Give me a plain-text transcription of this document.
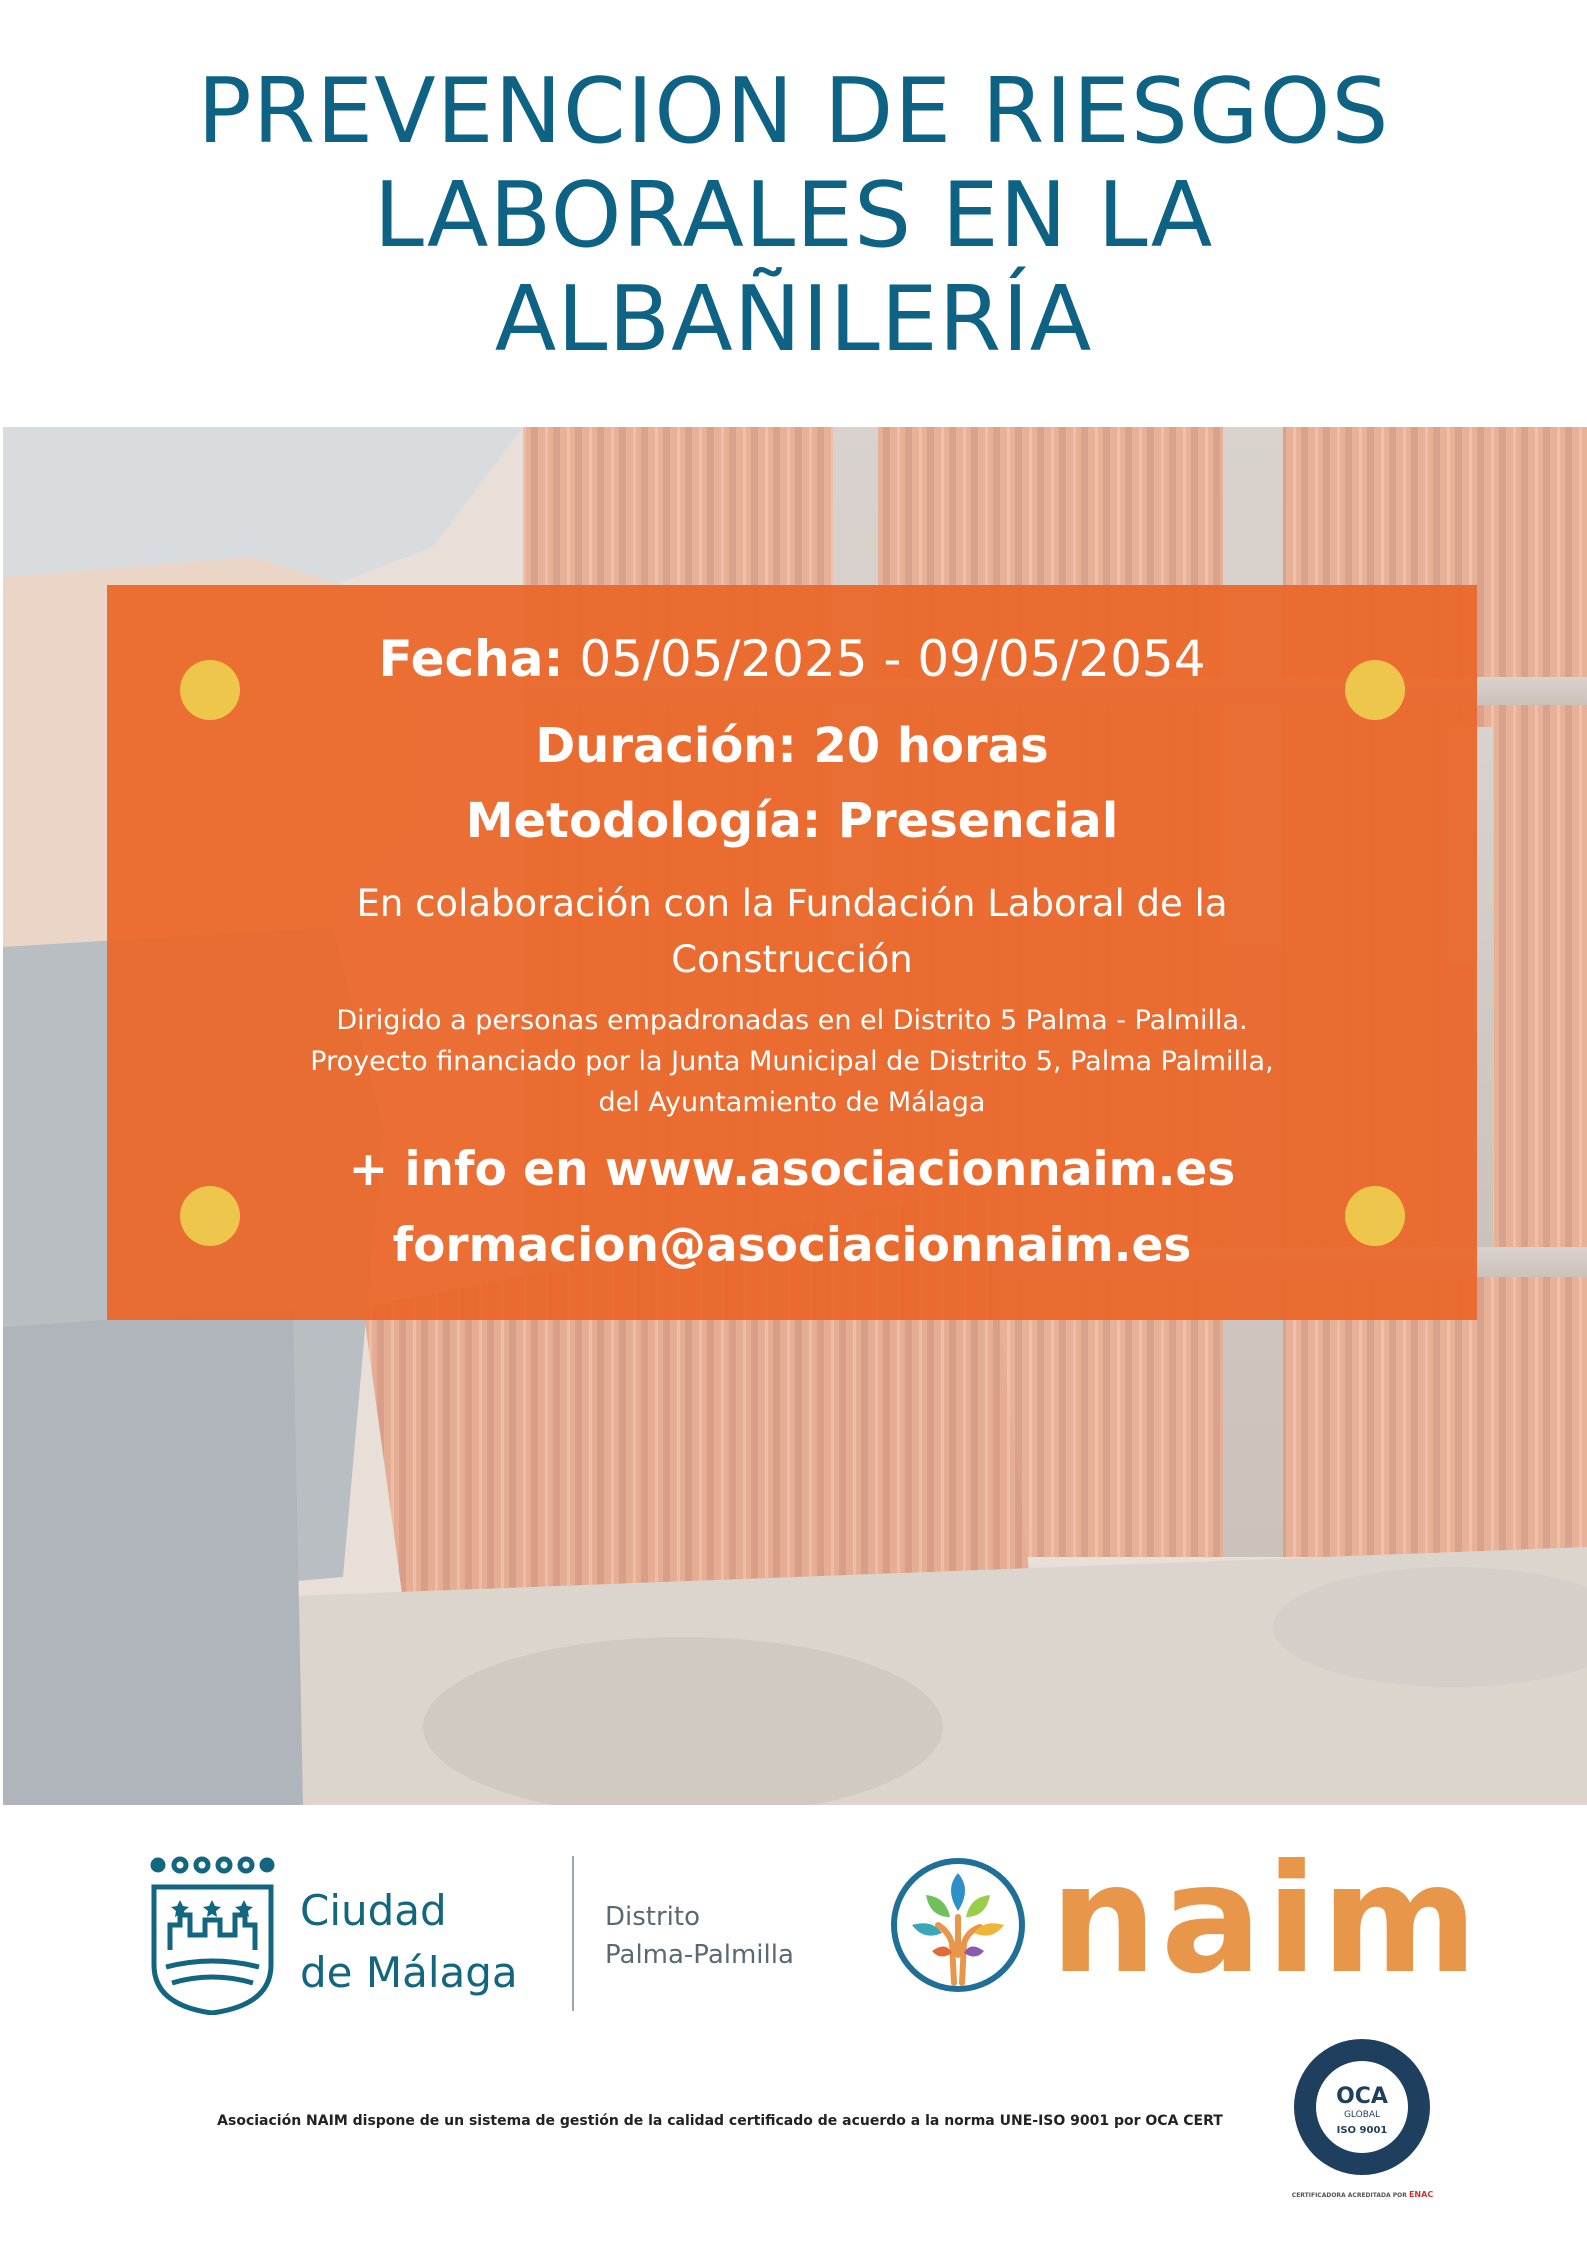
PREVENCION DE RIESGOS
LABORALES EN LA
ALBAÑILERÍA
Fecha: 05/05/2025 - 09/05/2054
Duración: 20 horas
Metodología: Presencial
En colaboración con la Fundación Laboral de la
Construcción
Dirigido a personas empadronadas en el Distrito 5 Palma - Palmilla.
Proyecto financiado por la Junta Municipal de Distrito 5, Palma Palmilla,
del Ayuntamiento de Málaga
+ info en www.asociacionnaim.es
formacion@asociacionnaim.es
Ciudad
de Málaga
Distrito
Palma-Palmilla naim
Asociación NAIM dispone de un sistema de gestión de la calidad certificado de acuerdo a la norma UNE-ISO 9001 por OCA CERT
OCA
GLOBAL
ISO 9001
CERTIFICADORA ACREDITADA POR ENAC
